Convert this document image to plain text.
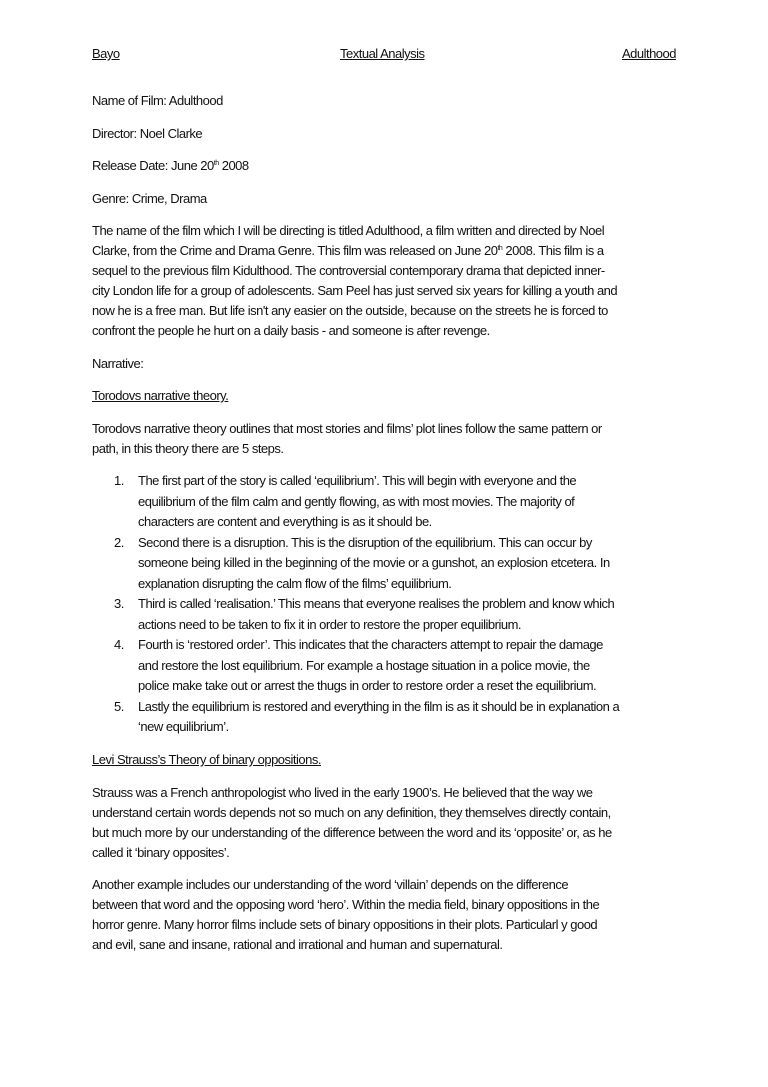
Bayo	Textual Analysis	Adulthood
Name of Film: Adulthood
Director: Noel Clarke
Release Date: June 20th 2008
Genre: Crime, Drama
The name of the film which I will be directing is titled Adulthood, a film written and directed by Noel
Clarke, from the Crime and Drama Genre. This film was released on June 20th 2008. This film is a
sequel to the previous film Kidulthood. The controversial contemporary drama that depicted inner-
city London life for a group of adolescents. Sam Peel has just served six years for killing a youth and
now he is a free man. But life isn't any easier on the outside, because on the streets he is forced to
confront the people he hurt on a daily basis - and someone is after revenge.
Narrative:
Torodovs narrative theory.
Torodovs narrative theory outlines that most stories and films’ plot lines follow the same pattern or
path, in this theory there are 5 steps.
1. The first part of the story is called ‘equilibrium’. This will begin with everyone and the
equilibrium of the film calm and gently flowing, as with most movies. The majority of
characters are content and everything is as it should be.
2. Second there is a disruption. This is the disruption of the equilibrium. This can occur by
someone being killed in the beginning of the movie or a gunshot, an explosion etcetera. In
explanation disrupting the calm flow of the films’ equilibrium.
3. Third is called ‘realisation.’ This means that everyone realises the problem and know which
actions need to be taken to fix it in order to restore the proper equilibrium.
4. Fourth is ‘restored order’. This indicates that the characters attempt to repair the damage
and restore the lost equilibrium. For example a hostage situation in a police movie, the
police make take out or arrest the thugs in order to restore order a reset the equilibrium.
5. Lastly the equilibrium is restored and everything in the film is as it should be in explanation a
‘new equilibrium’.
Levi Strauss’s Theory of binary oppositions.
Strauss was a French anthropologist who lived in the early 1900’s. He believed that the way we
understand certain words depends not so much on any definition, they themselves directly contain,
but much more by our understanding of the difference between the word and its ‘opposite’ or, as he
called it ‘binary opposites’.
Another example includes our understanding of the word ‘villain’ depends on the difference
between that word and the opposing word ‘hero’. Within the media field, binary oppositions in the
horror genre. Many horror films include sets of binary oppositions in their plots. Particularl y good
and evil, sane and insane, rational and irrational and human and supernatural.
